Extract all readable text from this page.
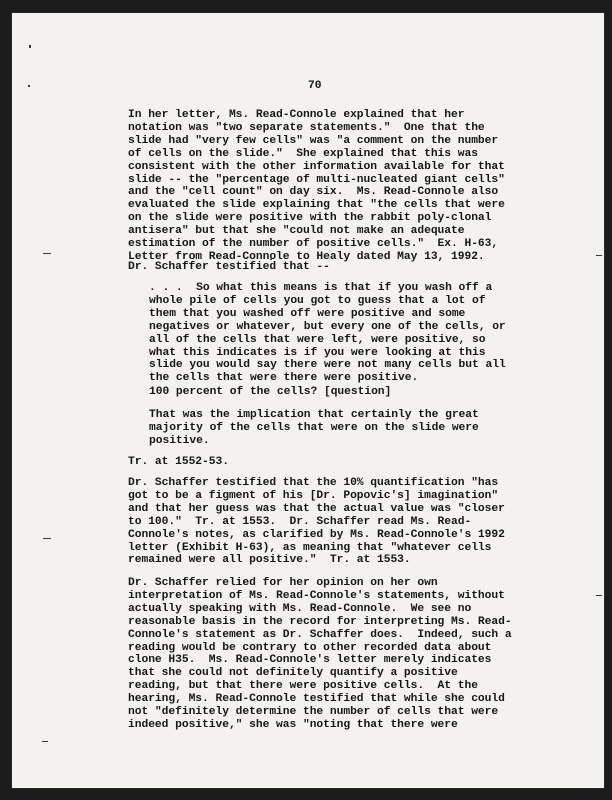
70
In her letter, Ms. Read-Connole explained that her
notation was "two separate statements."  One that the
slide had "very few cells" was "a comment on the number
of cells on the slide."  She explained that this was
consistent with the other information available for that
slide -- the "percentage of multi-nucleated giant cells"
and the "cell count" on day six.  Ms. Read-Connole also
evaluated the slide explaining that "the cells that were
on the slide were positive with the rabbit poly-clonal
antisera" but that she "could not make an adequate
estimation of the number of positive cells."  Ex. H-63,
Letter from Read-Connole to Healy dated May 13, 1992.
Dr. Schaffer testified that --
. . .  So what this means is that if you wash off a
whole pile of cells you got to guess that a lot of
them that you washed off were positive and some
negatives or whatever, but every one of the cells, or
all of the cells that were left, were positive, so
what this indicates is if you were looking at this
slide you would say there were not many cells but all
the cells that were there were positive.
100 percent of the cells? [question]
That was the implication that certainly the great
majority of the cells that were on the slide were
positive.
Tr. at 1552-53.
Dr. Schaffer testified that the 10% quantification "has
got to be a figment of his [Dr. Popovic's] imagination"
and that her guess was that the actual value was "closer
to 100."  Tr. at 1553.  Dr. Schaffer read Ms. Read-
Connole's notes, as clarified by Ms. Read-Connole's 1992
letter (Exhibit H-63), as meaning that "whatever cells
remained were all positive."  Tr. at 1553.
Dr. Schaffer relied for her opinion on her own
interpretation of Ms. Read-Connole's statements, without
actually speaking with Ms. Read-Connole.  We see no
reasonable basis in the record for interpreting Ms. Read-
Connole's statement as Dr. Schaffer does.  Indeed, such a
reading would be contrary to other recorded data about
clone H35.  Ms. Read-Connole's letter merely indicates
that she could not definitely quantify a positive
reading, but that there were positive cells.  At the
hearing, Ms. Read-Connole testified that while she could
not "definitely determine the number of cells that were
indeed positive," she was "noting that there were
